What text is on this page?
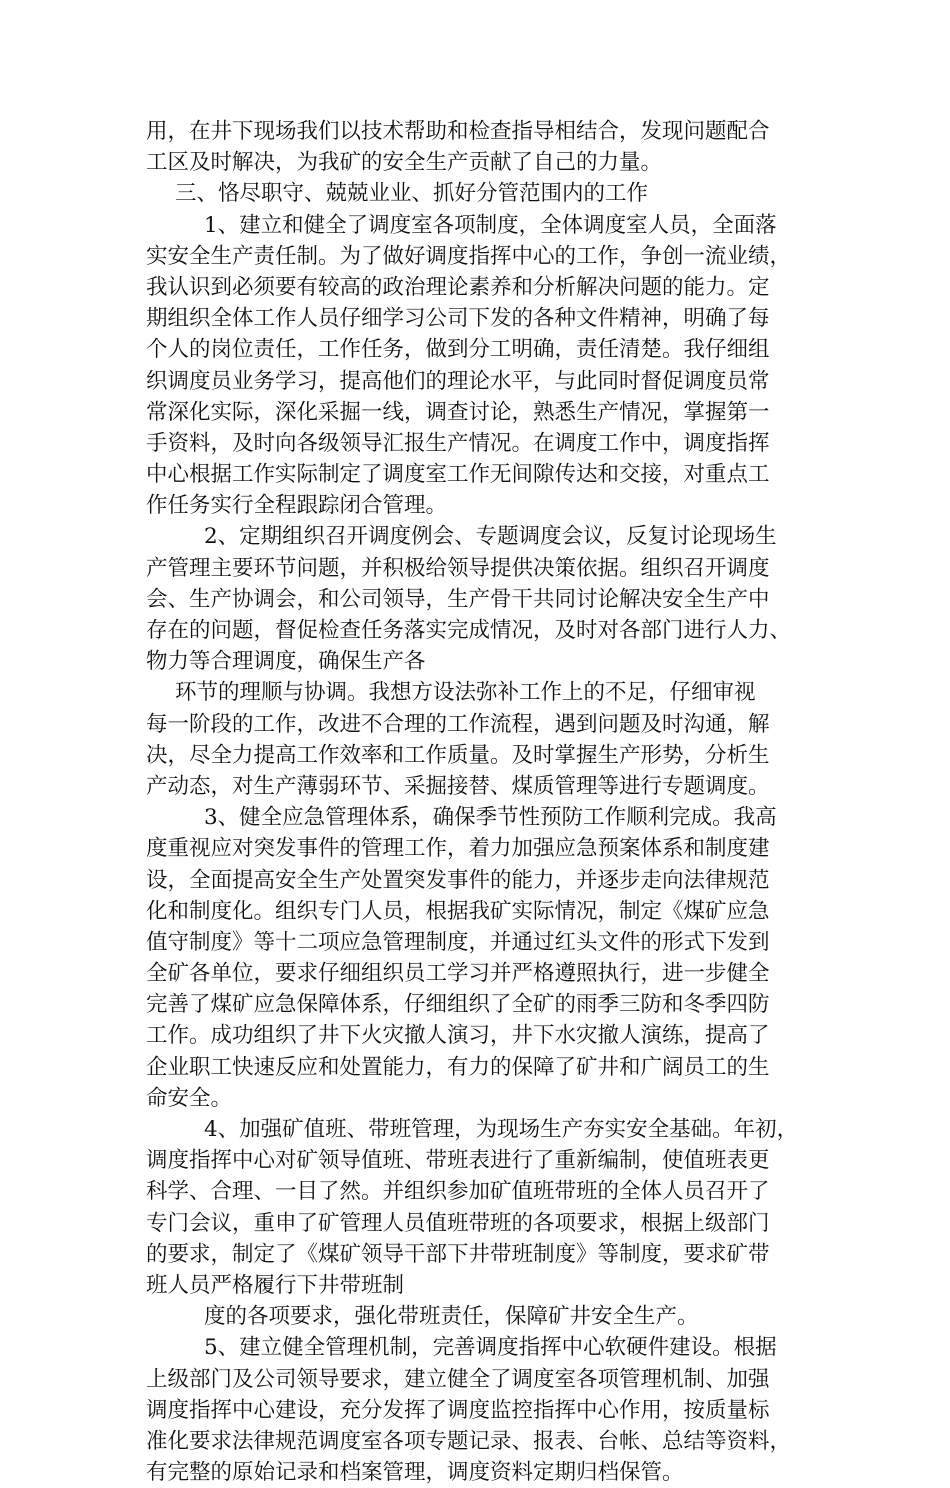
用，在井下现场我们以技术帮助和检查指导相结合，发现问题配合
工区及时解决，为我矿的安全生产贡献了自己的力量。
三、恪尽职守、兢兢业业、抓好分管范围内的工作
1、建立和健全了调度室各项制度，全体调度室人员，全面落
实安全生产责任制。为了做好调度指挥中心的工作，争创一流业绩，
我认识到必须要有较高的政治理论素养和分析解决问题的能力。定
期组织全体工作人员仔细学习公司下发的各种文件精神，明确了每
个人的岗位责任，工作任务，做到分工明确，责任清楚。我仔细组
织调度员业务学习，提高他们的理论水平，与此同时督促调度员常
常深化实际，深化采掘一线，调查讨论，熟悉生产情况，掌握第一
手资料，及时向各级领导汇报生产情况。在调度工作中，调度指挥
中心根据工作实际制定了调度室工作无间隙传达和交接，对重点工
作任务实行全程跟踪闭合管理。
2、定期组织召开调度例会、专题调度会议，反复讨论现场生
产管理主要环节问题，并积极给领导提供决策依据。组织召开调度
会、生产协调会，和公司领导，生产骨干共同讨论解决安全生产中
存在的问题，督促检查任务落实完成情况，及时对各部门进行人力、
物力等合理调度，确保生产各
环节的理顺与协调。我想方设法弥补工作上的不足，仔细审视
每一阶段的工作，改进不合理的工作流程，遇到问题及时沟通，解
决，尽全力提高工作效率和工作质量。及时掌握生产形势，分析生
产动态，对生产薄弱环节、采掘接替、煤质管理等进行专题调度。
3、健全应急管理体系，确保季节性预防工作顺利完成。我高
度重视应对突发事件的管理工作，着力加强应急预案体系和制度建
设，全面提高安全生产处置突发事件的能力，并逐步走向法律规范
化和制度化。组织专门人员，根据我矿实际情况，制定《煤矿应急
值守制度》等十二项应急管理制度，并通过红头文件的形式下发到
全矿各单位，要求仔细组织员工学习并严格遵照执行，进一步健全
完善了煤矿应急保障体系，仔细组织了全矿的雨季三防和冬季四防
工作。成功组织了井下火灾撤人演习，井下水灾撤人演练，提高了
企业职工快速反应和处置能力，有力的保障了矿井和广阔员工的生
命安全。
4、加强矿值班、带班管理，为现场生产夯实安全基础。年初，
调度指挥中心对矿领导值班、带班表进行了重新编制，使值班表更
科学、合理、一目了然。并组织参加矿值班带班的全体人员召开了
专门会议，重申了矿管理人员值班带班的各项要求，根据上级部门
的要求，制定了《煤矿领导干部下井带班制度》等制度，要求矿带
班人员严格履行下井带班制
度的各项要求，强化带班责任，保障矿井安全生产。
5、建立健全管理机制，完善调度指挥中心软硬件建设。根据
上级部门及公司领导要求，建立健全了调度室各项管理机制、加强
调度指挥中心建设，充分发挥了调度监控指挥中心作用，按质量标
准化要求法律规范调度室各项专题记录、报表、台帐、总结等资料，
有完整的原始记录和档案管理，调度资料定期归档保管。
